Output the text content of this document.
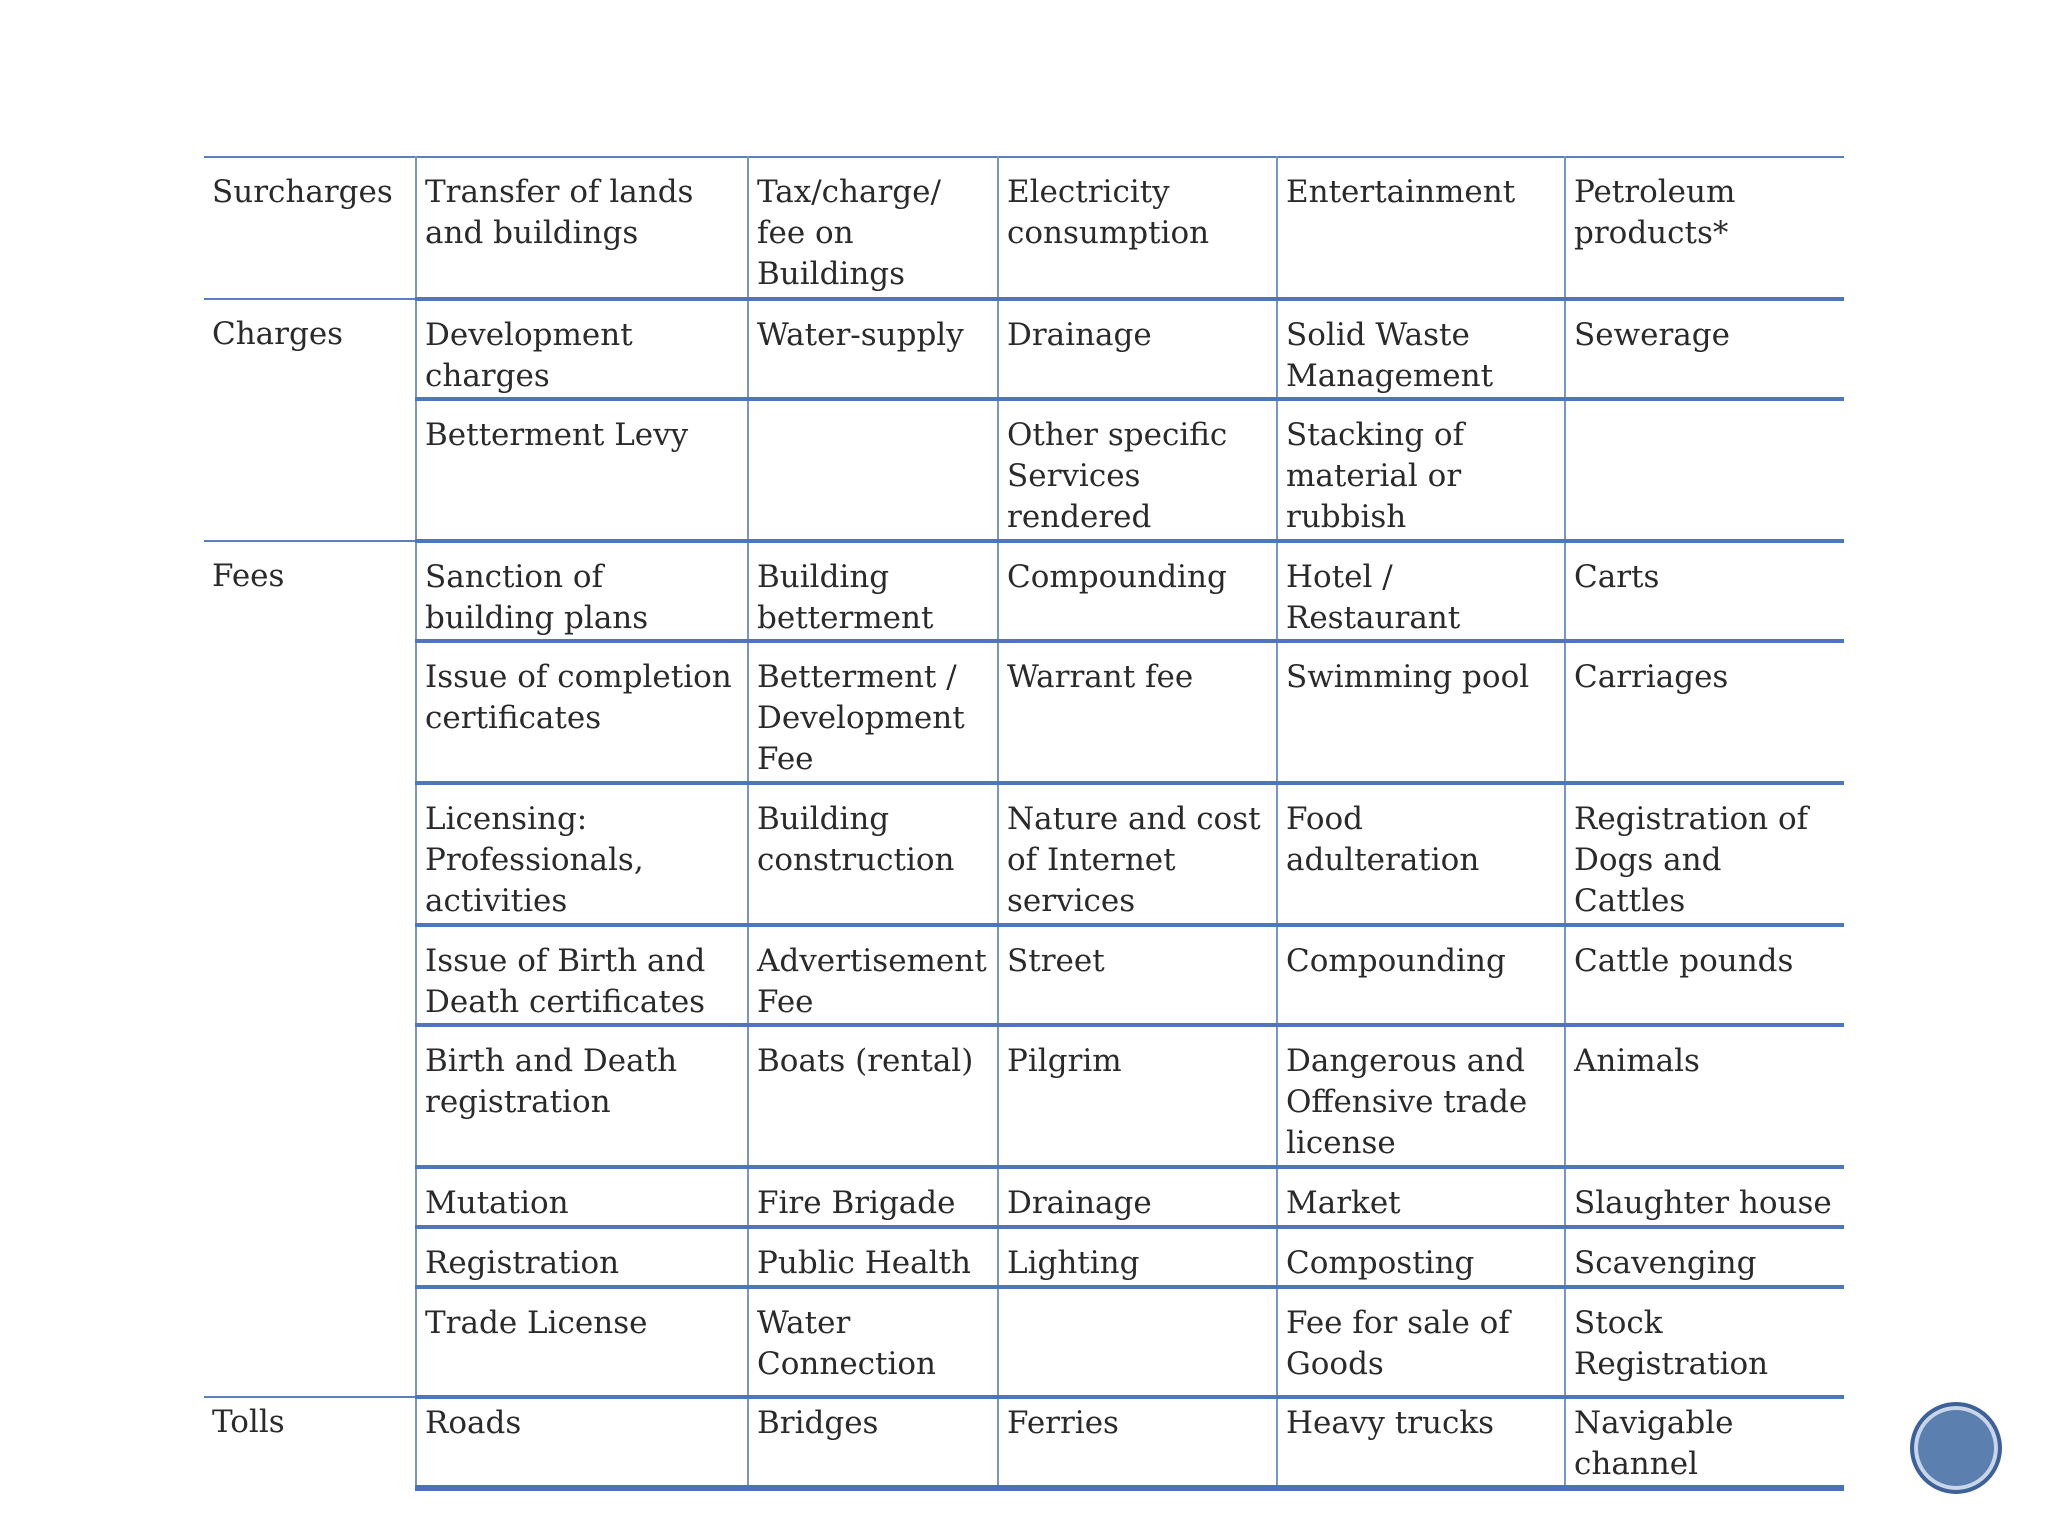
Surcharges	Transfer of lands and buildings	Tax/charge/ fee on Buildings	Electricity consumption	Entertainment	Petroleum products*
Charges	Development charges	Water-supply	Drainage	Solid Waste Management	Sewerage
	Betterment Levy		Other specific Services rendered	Stacking of material or rubbish	
Fees	Sanction of building plans	Building betterment	Compounding	Hotel / Restaurant	Carts
	Issue of completion certificates	Betterment / Development Fee	Warrant fee	Swimming pool	Carriages
	Licensing: Professionals, activities	Building construction	Nature and cost of Internet services	Food adulteration	Registration of Dogs and Cattles
	Issue of Birth and Death certificates	Advertisement Fee	Street	Compounding	Cattle pounds
	Birth and Death registration	Boats (rental)	Pilgrim	Dangerous and Offensive trade license	Animals
	Mutation	Fire Brigade	Drainage	Market	Slaughter house
	Registration	Public Health	Lighting	Composting	Scavenging
	Trade License	Water Connection		Fee for sale of Goods	Stock Registration
Tolls	Roads	Bridges	Ferries	Heavy trucks	Navigable channel
